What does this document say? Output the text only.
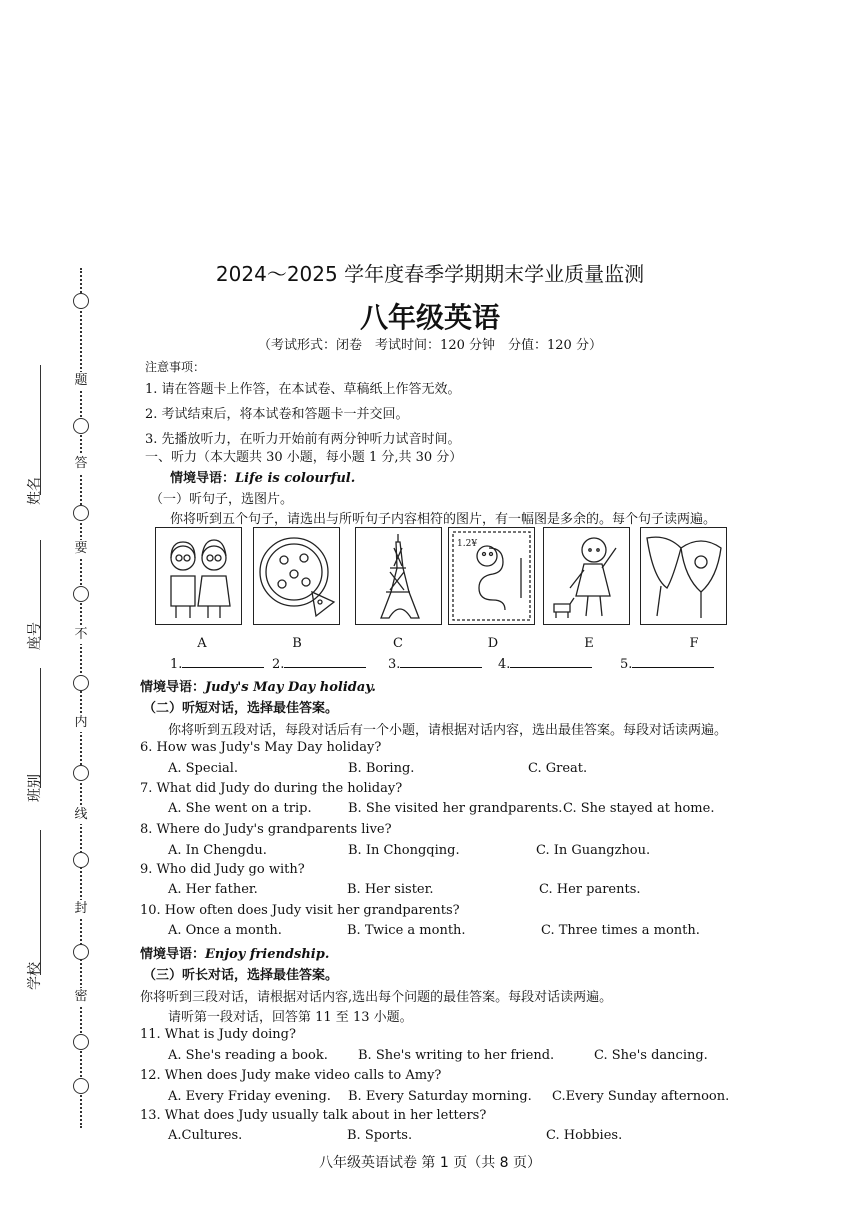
题
答
要
不
内
线
封
密
姓名
座号
班别
学校
2024～2025 学年度春季学期期末学业质量监测
八年级英语
（考试形式：闭卷　考试时间：120 分钟　分值：120 分）
注意事项：
1. 请在答题卡上作答，在本试卷、草稿纸上作答无效。
2. 考试结束后，将本试卷和答题卡一并交回。
3. 先播放听力，在听力开始前有两分钟听力试音时间。
一、听力（本大题共 30 小题，每小题 1 分,共 30 分）
情境导语：Life is colourful.
（一）听句子，选图片。
你将听到五个句子，请选出与所听句子内容相符的图片，有一幅图是多余的。每个句子读两遍。
1.2¥
A	B	C	D	E	F
1.	2.	3.	4.	5.
情境导语：Judy's May Day holiday.
（二）听短对话，选择最佳答案。
你将听到五段对话，每段对话后有一个小题，请根据对话内容，选出最佳答案。每段对话读两遍。
6. How was Judy's May Day holiday?
A. Special.	B. Boring.	C. Great.
7. What did Judy do during the holiday?
A. She went on a trip.	B. She visited her grandparents. C. She stayed at home.
8. Where do Judy's grandparents live?
A. In Chengdu.	B. In Chongqing.	C. In Guangzhou.
9. Who did Judy go with?
A. Her father.	B. Her sister.	C. Her parents.
10. How often does Judy visit her grandparents?
A. Once a month.	B. Twice a month.	C. Three times a month.
情境导语：Enjoy friendship.
（三）听长对话，选择最佳答案。
你将听到三段对话，请根据对话内容,选出每个问题的最佳答案。每段对话读两遍。
请听第一段对话，回答第 11 至 13 小题。
11. What is Judy doing?
A. She's reading a book. B. She's writing to her friend.	C. She's dancing.
12. When does Judy make video calls to Amy?
A. Every Friday evening. B. Every Saturday morning. C.Every Sunday afternoon.
13. What does Judy usually talk about in her letters?
A.Cultures.	B. Sports.	C. Hobbies.
八年级英语试卷 第 1 页（共 8 页）
